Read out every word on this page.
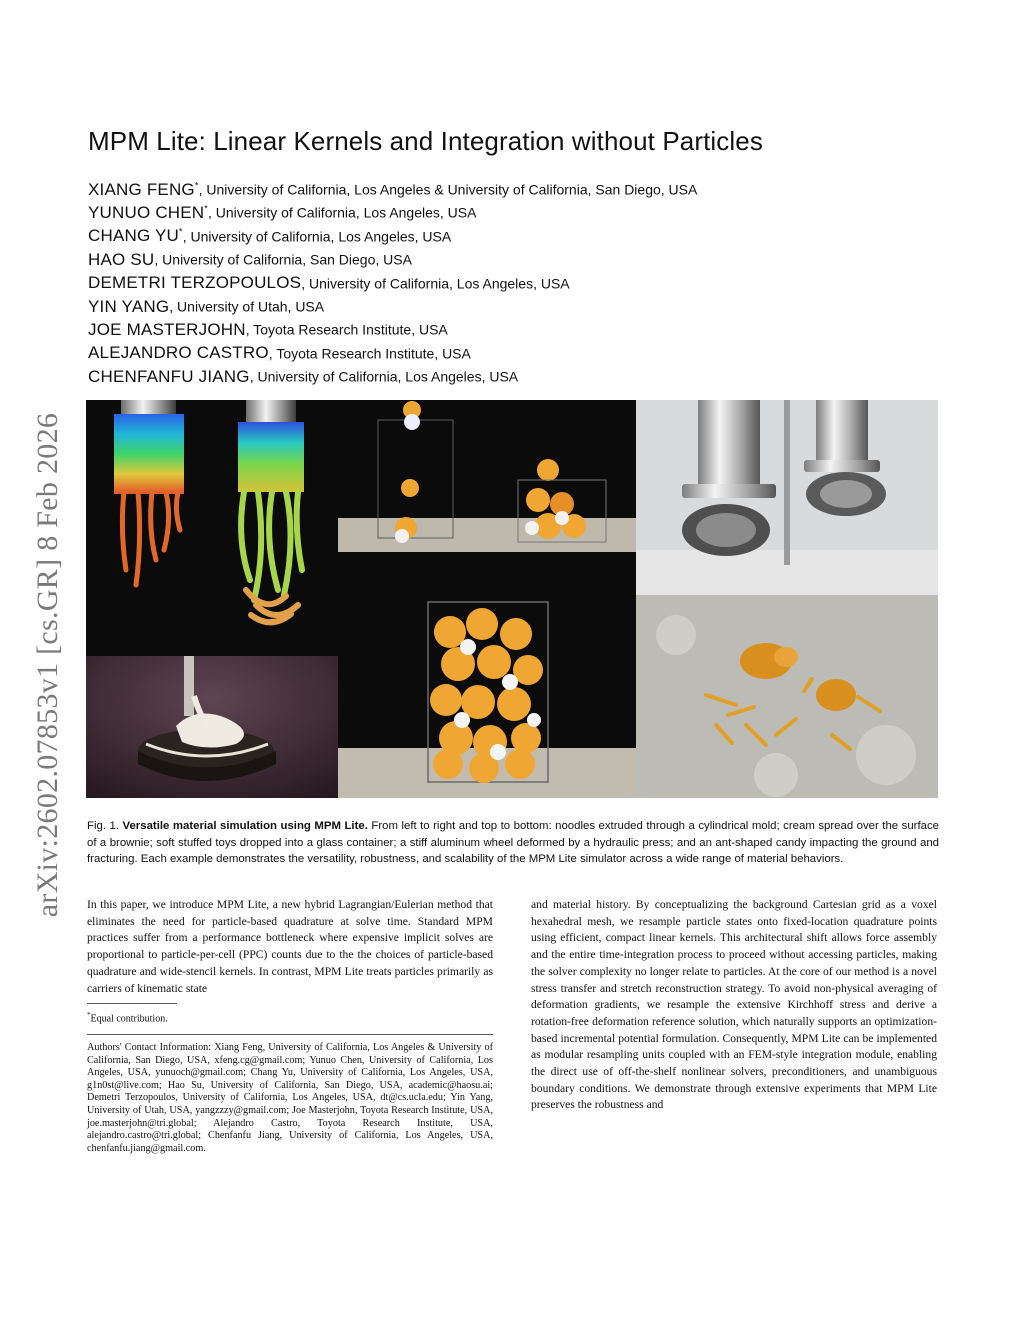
arXiv:2602.07853v1 [cs.GR] 8 Feb 2026
MPM Lite: Linear Kernels and Integration without Particles
XIANG FENG*, University of California, Los Angeles & University of California, San Diego, USA
YUNUO CHEN*, University of California, Los Angeles, USA
CHANG YU*, University of California, Los Angeles, USA
HAO SU, University of California, San Diego, USA
DEMETRI TERZOPOULOS, University of California, Los Angeles, USA
YIN YANG, University of Utah, USA
JOE MASTERJOHN, Toyota Research Institute, USA
ALEJANDRO CASTRO, Toyota Research Institute, USA
CHENFANFU JIANG, University of California, Los Angeles, USA
Fig. 1. Versatile material simulation using MPM Lite. From left to right and top to bottom: noodles extruded through a cylindrical mold; cream spread over the surface of a brownie; soft stuffed toys dropped into a glass container; a stiff aluminum wheel deformed by a hydraulic press; and an ant-shaped candy impacting the ground and fracturing. Each example demonstrates the versatility, robustness, and scalability of the MPM Lite simulator across a wide range of material behaviors.
In this paper, we introduce MPM Lite, a new hybrid Lagrangian/Eulerian method that eliminates the need for particle-based quadrature at solve time. Standard MPM practices suffer from a performance bottleneck where expensive implicit solves are proportional to particle-per-cell (PPC) counts due to the the choices of particle-based quadrature and wide-stencil kernels. In contrast, MPM Lite treats particles primarily as carriers of kinematic state
*Equal contribution.
Authors' Contact Information: Xiang Feng, University of California, Los Angeles & University of California, San Diego, USA, xfeng.cg@gmail.com; Yunuo Chen, University of California, Los Angeles, USA, yunuoch@gmail.com; Chang Yu, University of California, Los Angeles, USA, g1n0st@live.com; Hao Su, University of California, San Diego, USA, academic@haosu.ai; Demetri Terzopoulos, University of California, Los Angeles, USA, dt@cs.ucla.edu; Yin Yang, University of Utah, USA, yangzzzy@gmail.com; Joe Masterjohn, Toyota Research Institute, USA, joe.masterjohn@tri.global; Alejandro Castro, Toyota Research Institute, USA, alejandro.castro@tri.global; Chenfanfu Jiang, University of California, Los Angeles, USA, chenfanfu.jiang@gmail.com.
and material history. By conceptualizing the background Cartesian grid as a voxel hexahedral mesh, we resample particle states onto fixed-location quadrature points using efficient, compact linear kernels. This architectural shift allows force assembly and the entire time-integration process to proceed without accessing particles, making the solver complexity no longer relate to particles. At the core of our method is a novel stress transfer and stretch reconstruction strategy. To avoid non-physical averaging of deformation gradients, we resample the extensive Kirchhoff stress and derive a rotation-free deformation reference solution, which naturally supports an optimization-based incremental potential formulation. Consequently, MPM Lite can be implemented as modular resampling units coupled with an FEM-style integration module, enabling the direct use of off-the-shelf nonlinear solvers, preconditioners, and unambiguous boundary conditions. We demonstrate through extensive experiments that MPM Lite preserves the robustness and
